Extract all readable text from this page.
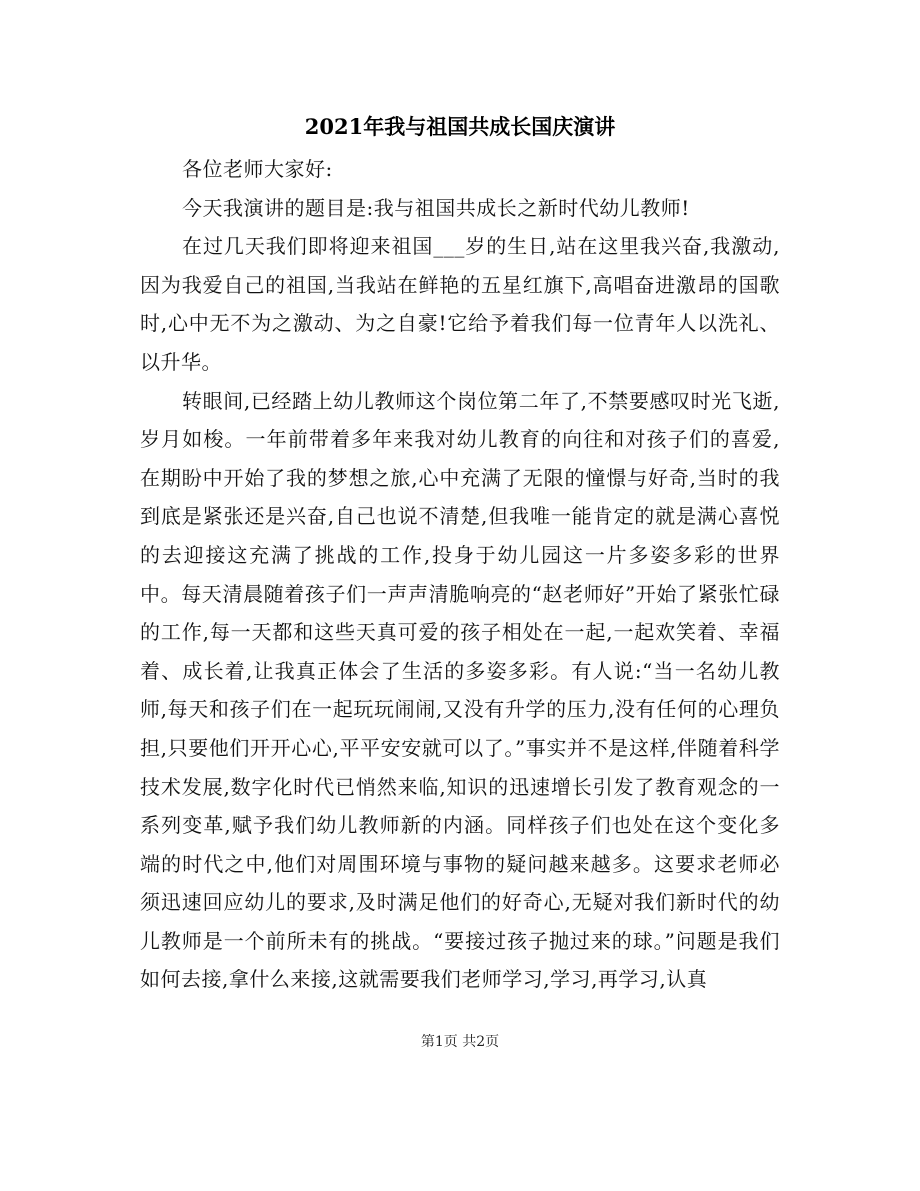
2021年我与祖国共成长国庆演讲

各位老师大家好:

今天我演讲的题目是:我与祖国共成长之新时代幼儿教师!

在过几天我们即将迎来祖国___岁的生日,站在这里我兴奋,我激动,因为我爱自己的祖国,当我站在鲜艳的五星红旗下,高唱奋进激昂的国歌时,心中无不为之激动、为之自豪!它给予着我们每一位青年人以洗礼、以升华。

转眼间,已经踏上幼儿教师这个岗位第二年了,不禁要感叹时光飞逝,岁月如梭。一年前带着多年来我对幼儿教育的向往和对孩子们的喜爱,在期盼中开始了我的梦想之旅,心中充满了无限的憧憬与好奇,当时的我到底是紧张还是兴奋,自己也说不清楚,但我唯一能肯定的就是满心喜悦的去迎接这充满了挑战的工作,投身于幼儿园这一片多姿多彩的世界中。每天清晨随着孩子们一声声清脆响亮的“赵老师好”开始了紧张忙碌的工作,每一天都和这些天真可爱的孩子相处在一起,一起欢笑着、幸福着、成长着,让我真正体会了生活的多姿多彩。有人说:“当一名幼儿教师,每天和孩子们在一起玩玩闹闹,又没有升学的压力,没有任何的心理负担,只要他们开开心心,平平安安就可以了。”事实并不是这样,伴随着科学技术发展,数字化时代已悄然来临,知识的迅速增长引发了教育观念的一系列变革,赋予我们幼儿教师新的内涵。同样孩子们也处在这个变化多端的时代之中,他们对周围环境与事物的疑问越来越多。这要求老师必须迅速回应幼儿的要求,及时满足他们的好奇心,无疑对我们新时代的幼儿教师是一个前所未有的挑战。“要接过孩子抛过来的球。”问题是我们如何去接,拿什么来接,这就需要我们老师学习,学习,再学习,认真

第1页 共2页
